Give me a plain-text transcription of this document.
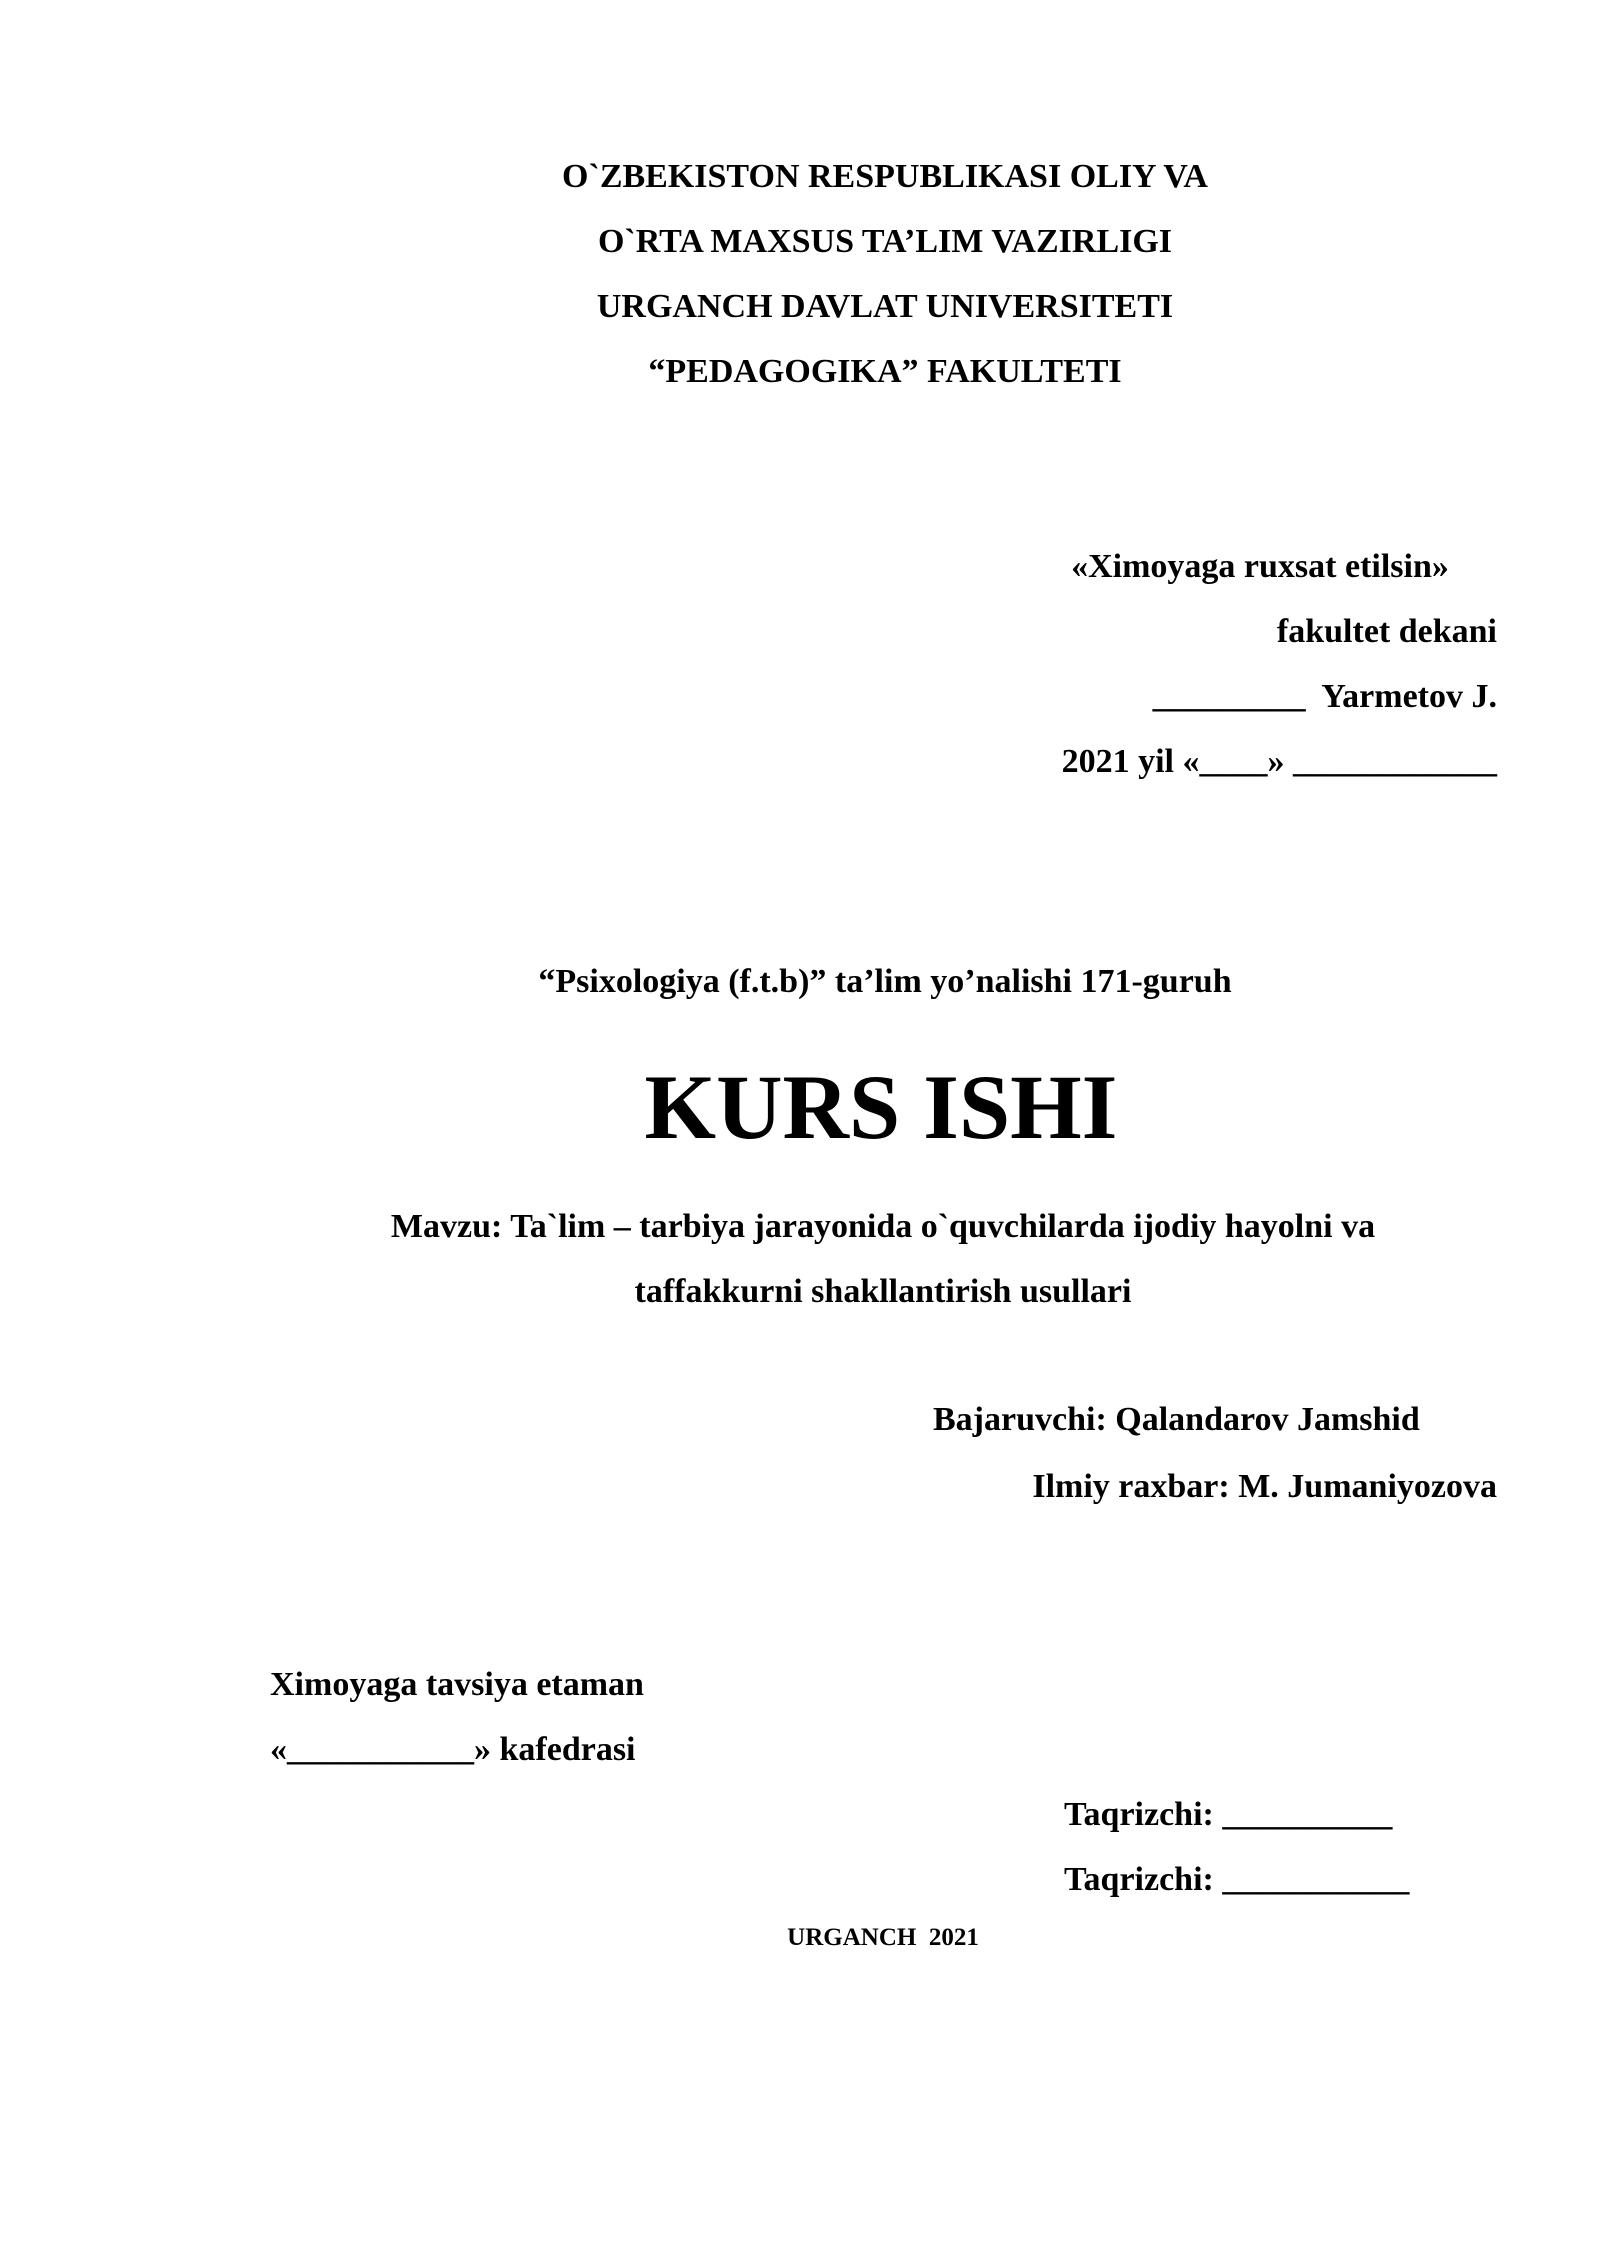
O`ZBEKISTON RESPUBLIKASI OLIY VA
O`RTA MAXSUS TA’LIM VAZIRLIGI
URGANCH DAVLAT UNIVERSITETI
“PEDAGOGIKA” FAKULTETI
«Ximoyaga ruxsat etilsin»
fakultet dekani
_________  Yarmetov J.
2021 yil «____» ____________
“Psixologiya (f.t.b)” ta’lim yo’nalishi 171-guruh
KURS ISHI
Mavzu: Ta`lim – tarbiya jarayonida o`quvchilarda ijodiy hayolni va
taffakkurni shakllantirish usullari
Bajaruvchi: Qalandarov Jamshid
Ilmiy raxbar: M. Jumaniyozova
Ximoyaga tavsiya etaman
«___________» kafedrasi
Taqrizchi: __________
Taqrizchi: ___________
URGANCH  2021
